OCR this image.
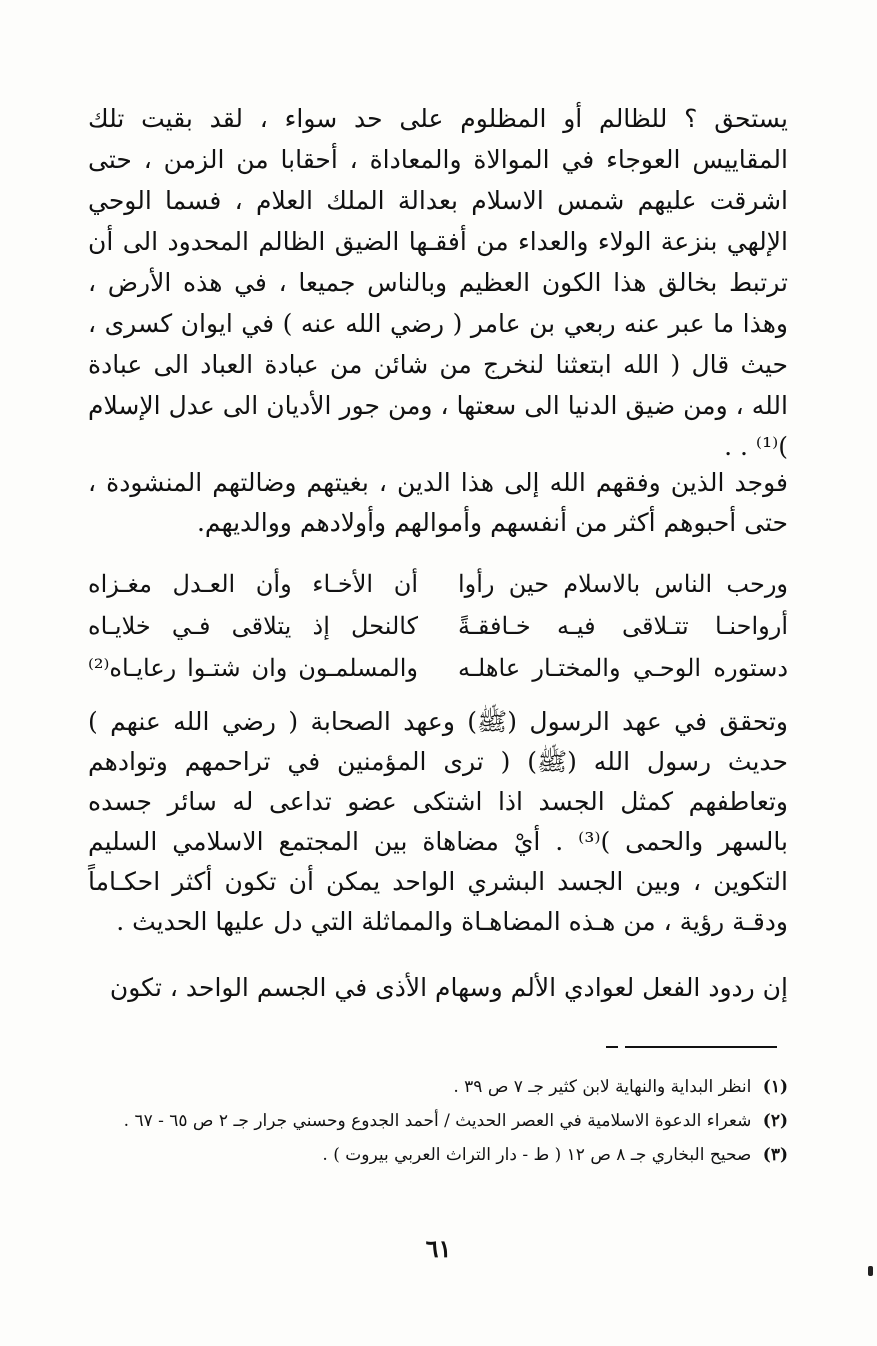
يستحق ؟ للظالم أو المظلوم على حد سواء ، لقد بقيت تلك المقاييس العوجاء في الموالاة والمعاداة ، أحقابا من الزمن ، حتى اشرقت عليهم شمس الاسلام بعدالة الملك العلام ، فسما الوحي الإلهي بنزعة الولاء والعداء من أفقـها الضيق الظالم المحدود الى أن ترتبط بخالق هذا الكون العظيم وبالناس جميعا ، في هذه الأرض ، وهذا ما عبر عنه ربعي بن عامر ( رضي الله عنه ) في ايوان كسرى ، حيث قال ( الله ابتعثنا لنخرج من شائن من عبادة العباد الى عبادة الله ، ومن ضيق الدنيا الى سعتها ، ومن جور الأديان الى عدل الإسلام )⁽¹⁾ . .
فوجد الذين وفقهم الله إلى هذا الدين ، بغيتهم وضالتهم المنشودة ، حتى أحبوهم أكثر من أنفسهم وأموالهم وأولادهم ووالديهم.
ورحب الناس بالاسلام حين رأوا
أن الأخـاء وأن العـدل مغـزاه
أرواحنـا تتـلاقى فيـه خـافقـةً
كالنحل إذ يتلاقى فـي خلايـاه
دستوره الوحـي والمختـار عاهلـه
والمسلمـون وان شتـوا رعايـاه⁽²⁾
وتحقق في عهد الرسول (ﷺ) وعهد الصحابة ( رضي الله عنهم ) حديث رسول الله (ﷺ) ( ترى المؤمنين في تراحمهم وتوادهم وتعاطفهم كمثل الجسد اذا اشتكى عضو تداعى له سائر جسده بالسهر والحمى )⁽³⁾ . أيْ مضاهاة بين المجتمع الاسلامي السليم التكوين ، وبين الجسد البشري الواحد يمكن أن تكون أكثر احكـاماً ودقـة رؤية ، من هـذه المضاهـاة والمماثلة التي دل عليها الحديث .
إن ردود الفعل لعوادي الألم وسهام الأذى في الجسم الواحد ، تكون
(١) انظر البداية والنهاية لابن كثير جـ ٧ ص ٣٩ .
(٢) شعراء الدعوة الاسلامية في العصر الحديث / أحمد الجدوع وحسني جرار جـ ٢ ص ٦٥ - ٦٧ .
(٣) صحيح البخاري جـ ٨ ص ١٢ ( ط - دار التراث العربي بيروت ) .
٦١
